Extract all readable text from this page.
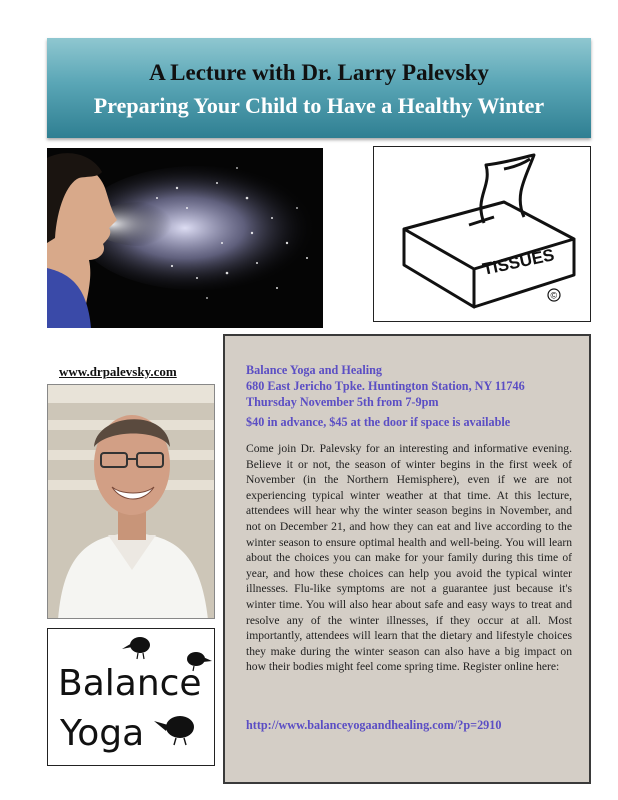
A Lecture with Dr. Larry Palevsky
Preparing Your Child to Have a Healthy Winter
TISSUES
©
www.drpalevsky.com
Balance
Yoga
Balance Yoga and Healing
680 East Jericho Tpke. Huntington Station, NY 11746
Thursday November 5th from 7-9pm
$40 in advance, $45 at the door if space is available
Come join Dr. Palevsky for an interesting and informative evening. Believe it or not, the season of winter begins in the first week of November (in the Northern Hemisphere), even if we are not experiencing typical winter weather at that time. At this lecture, attendees will hear why the winter season begins in November, and not on December 21, and how they can eat and live according to the winter season to ensure optimal health and well-being. You will learn about the choices you can make for your family during this time of year, and how these choices can help you avoid the typical winter illnesses. Flu-like symptoms are not a guarantee just because it's winter time. You will also hear about safe and easy ways to treat and resolve any of the winter illnesses, if they occur at all. Most importantly, attendees will learn that the dietary and lifestyle choices they make during the winter season can also have a big impact on how their bodies might feel come spring time. Register online here:
http://www.balanceyogaandhealing.com/?p=2910
